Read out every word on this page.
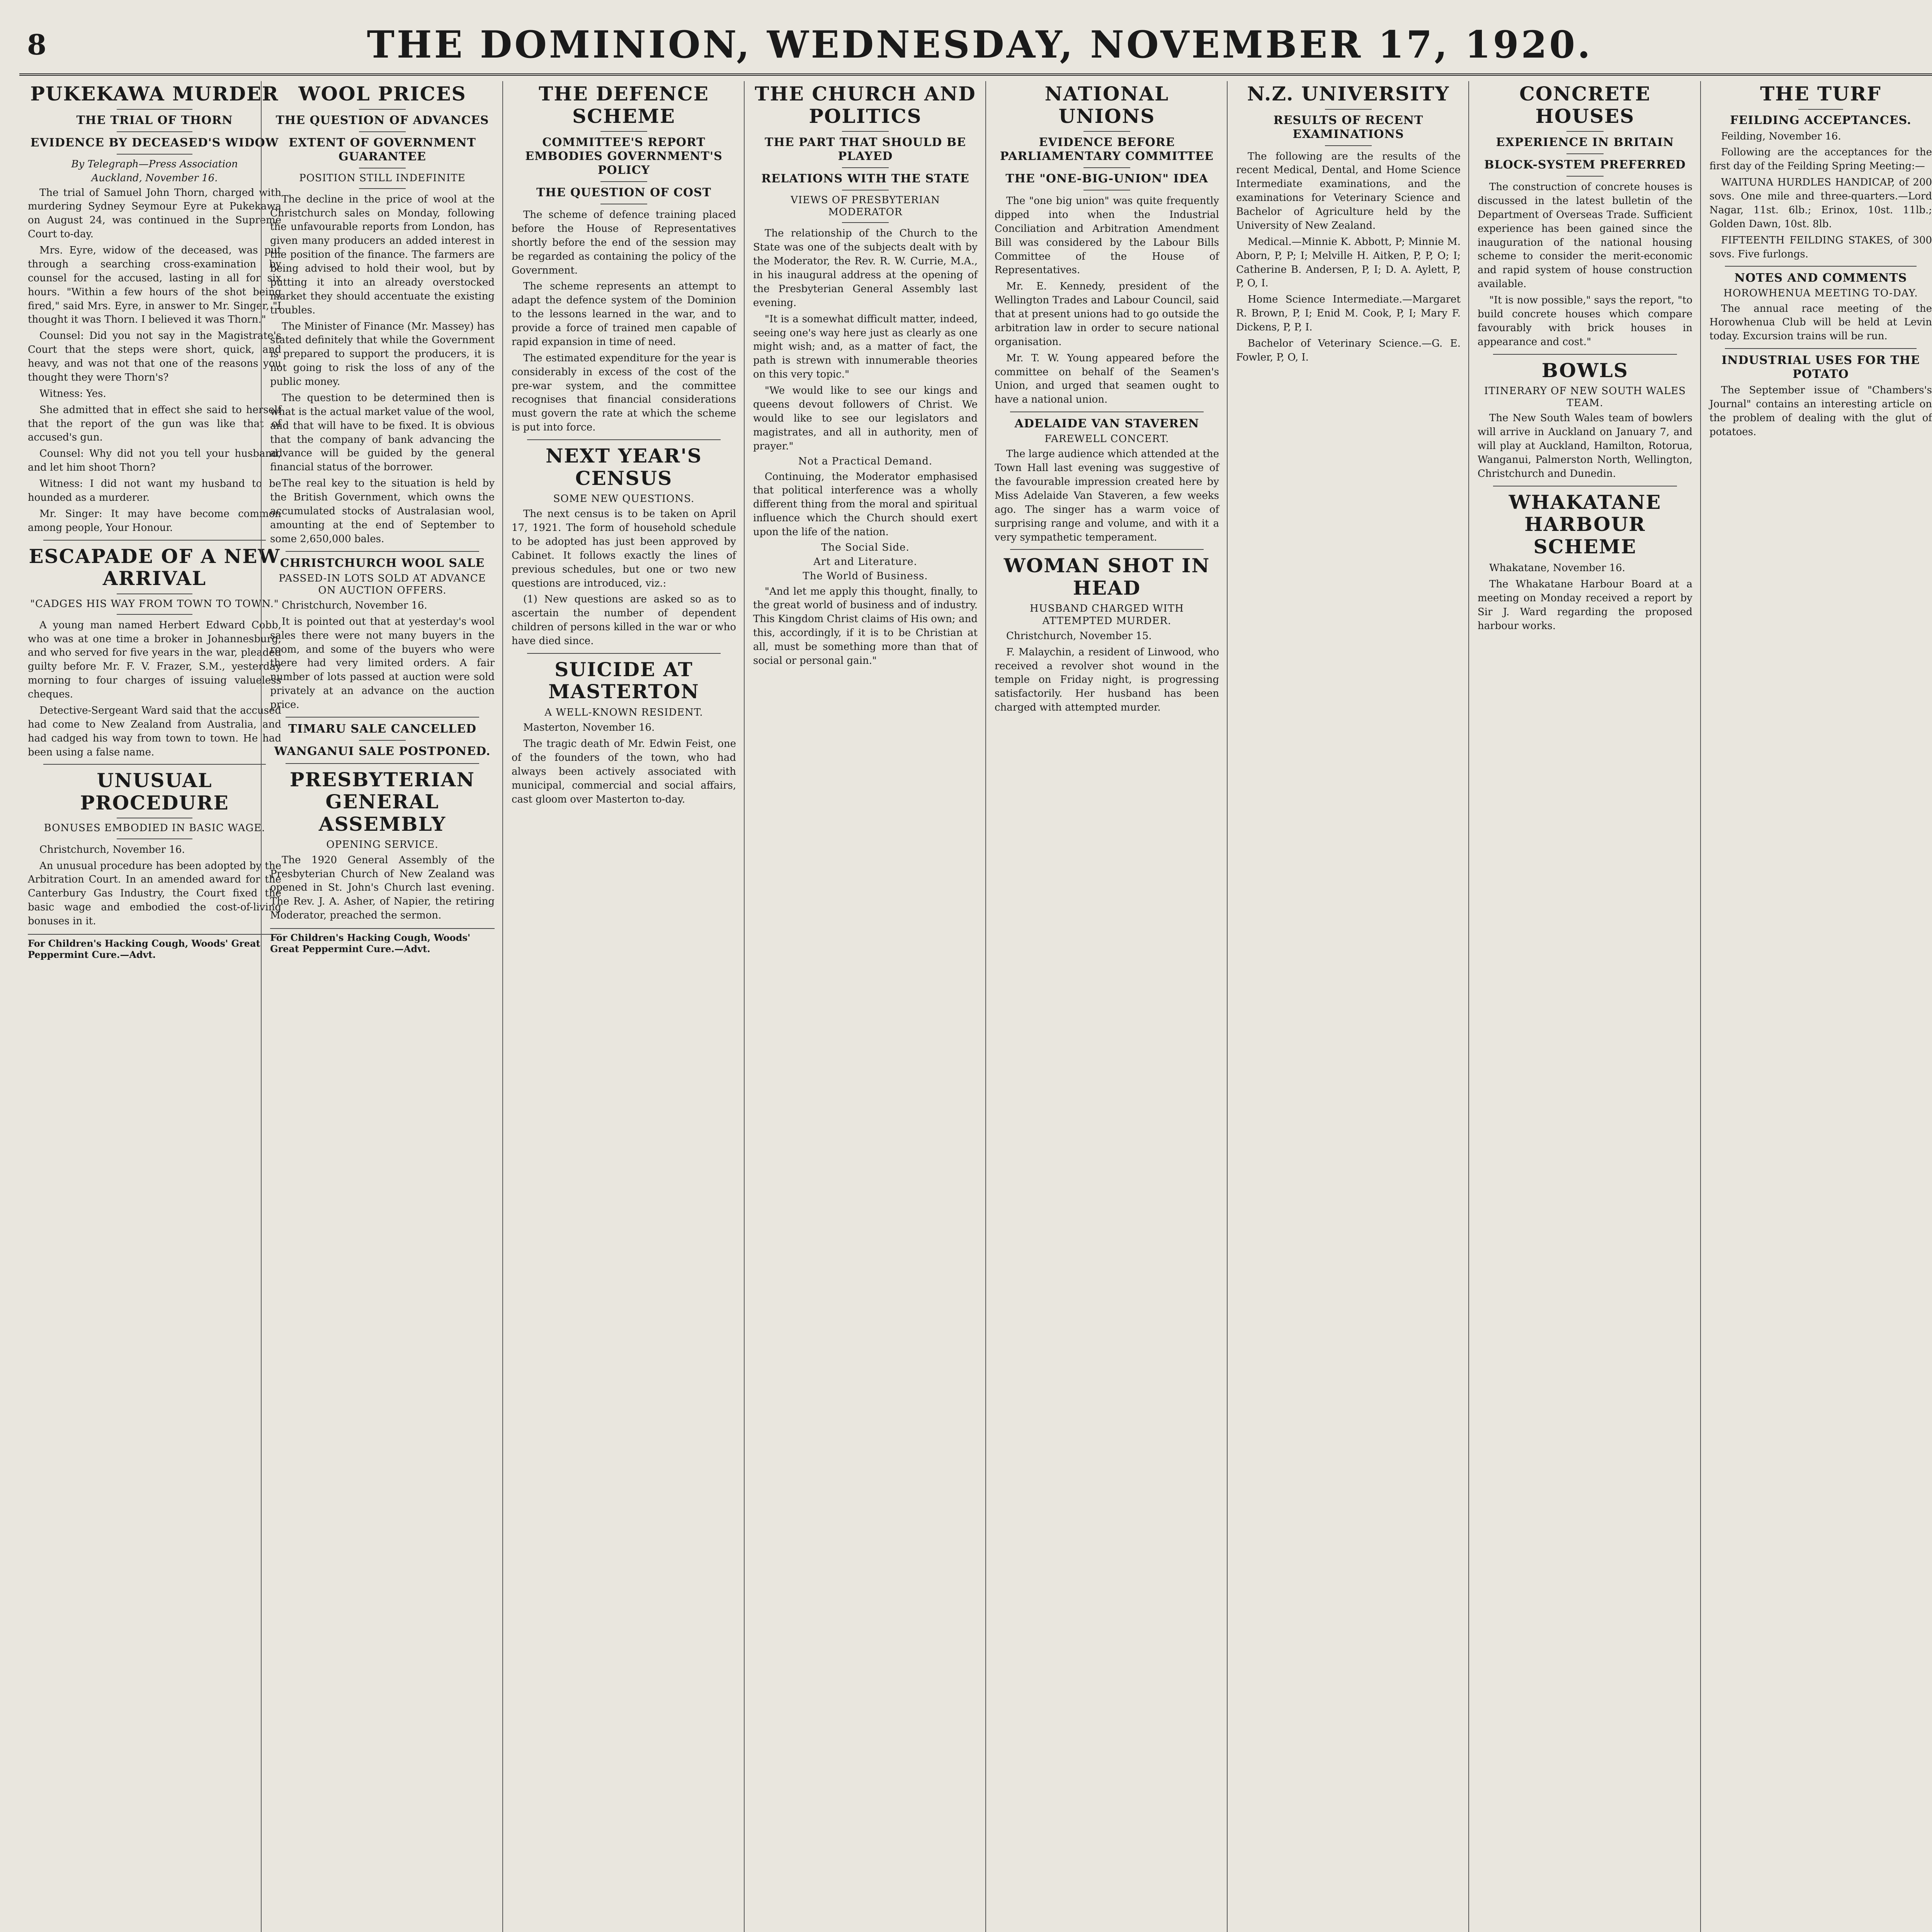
8	THE DOMINION, WEDNESDAY, NOVEMBER 17, 1920.
PUKEKAWA MURDER
THE TRIAL OF THORN
EVIDENCE BY DECEASED'S WIDOW
By Telegraph—Press Association
Auckland, November 16.

The trial of Samuel John Thorn, charged with murdering Sydney Seymour Eyre at Pukekawa on August 24, was continued in the Supreme Court to-day.

Mrs. Eyre, widow of the deceased, was put through a searching cross-examination by counsel for the accused, lasting in all for six hours. "Within a few hours of the shot being fired," said Mrs. Eyre, in answer to Mr. Singer, "I thought it was Thorn. I believed it was Thorn."

Counsel: Did you not say in the Magistrate's Court that the steps were short, quick, and heavy, and was not that one of the reasons you thought they were Thorn's?

Witness: Yes.

She admitted that in effect she said to herself that the report of the gun was like that of accused's gun.

Counsel: Why did not you tell your husband, and let him shoot Thorn?

Witness: I did not want my husband to be hounded as a murderer.

Mr. Singer: It may have become common among people, Your Honour.

ESCAPADE OF A NEW ARRIVAL
"CADGES HIS WAY FROM TOWN TO TOWN."

A young man named Herbert Edward Cobb, who was at one time a broker in Johannesburg, and who served for five years in the war, pleaded guilty before Mr. F. V. Frazer, S.M., yesterday morning to four charges of issuing valueless cheques.

Detective-Sergeant Ward said that the accused had come to New Zealand from Australia, and had cadged his way from town to town. He had been using a false name.

UNUSUAL PROCEDURE
BONUSES EMBODIED IN BASIC WAGE.

Christchurch, November 16.

An unusual procedure has been adopted by the Arbitration Court. In an amended award for the Canterbury Gas Industry, the Court fixed the basic wage and embodied the cost-of-living bonuses in it.

For Children's Hacking Cough, Woods' Great Peppermint Cure.—Advt.
WOOL PRICES
THE QUESTION OF ADVANCES
EXTENT OF GOVERNMENT GUARANTEE
POSITION STILL INDEFINITE

The decline in the price of wool at the Christchurch sales on Monday, following the unfavourable reports from London, has given many producers an added interest in the position of the finance. The farmers are being advised to hold their wool, but by putting it into an already overstocked market they should accentuate the existing troubles.

The Minister of Finance (Mr. Massey) has stated definitely that while the Government is prepared to support the producers, it is not going to risk the loss of any of the public money.

The question to be determined then is what is the actual market value of the wool, and that will have to be fixed. It is obvious that the company of bank advancing the advance will be guided by the general financial status of the borrower.

The real key to the situation is held by the British Government, which owns the accumulated stocks of Australasian wool, amounting at the end of September to some 2,650,000 bales.

CHRISTCHURCH WOOL SALE
PASSED-IN LOTS SOLD AT ADVANCE ON AUCTION OFFERS.

Christchurch, November 16.

It is pointed out that at yesterday's wool sales there were not many buyers in the room, and some of the buyers who were there had very limited orders. A fair number of lots passed at auction were sold privately at an advance on the auction price.

TIMARU SALE CANCELLED
WANGANUI SALE POSTPONED.
PRESBYTERIAN GENERAL ASSEMBLY
OPENING SERVICE.

The 1920 General Assembly of the Presbyterian Church of New Zealand was opened in St. John's Church last evening. The Rev. J. A. Asher, of Napier, the retiring Moderator, preached the sermon.

For Children's Hacking Cough, Woods' Great Peppermint Cure.—Advt.
THE DEFENCE SCHEME
COMMITTEE'S REPORT EMBODIES GOVERNMENT'S POLICY
THE QUESTION OF COST

The scheme of defence training placed before the House of Representatives shortly before the end of the session may be regarded as containing the policy of the Government.

The scheme represents an attempt to adapt the defence system of the Dominion to the lessons learned in the war, and to provide a force of trained men capable of rapid expansion in time of need.

The estimated expenditure for the year is considerably in excess of the cost of the pre-war system, and the committee recognises that financial considerations must govern the rate at which the scheme is put into force.

NEXT YEAR'S CENSUS
SOME NEW QUESTIONS.

The next census is to be taken on April 17, 1921. The form of household schedule to be adopted has just been approved by Cabinet. It follows exactly the lines of previous schedules, but one or two new questions are introduced, viz.:

(1) New questions are asked so as to ascertain the number of dependent children of persons killed in the war or who have died since.

SUICIDE AT MASTERTON
A WELL-KNOWN RESIDENT.

Masterton, November 16.

The tragic death of Mr. Edwin Feist, one of the founders of the town, who had always been actively associated with municipal, commercial and social affairs, cast gloom over Masterton to-day.

THE CHURCH AND POLITICS
THE PART THAT SHOULD BE PLAYED
RELATIONS WITH THE STATE
VIEWS OF PRESBYTERIAN MODERATOR

The relationship of the Church to the State was one of the subjects dealt with by the Moderator, the Rev. R. W. Currie, M.A., in his inaugural address at the opening of the Presbyterian General Assembly last evening.

"It is a somewhat difficult matter, indeed, seeing one's way here just as clearly as one might wish; and, as a matter of fact, the path is strewn with innumerable theories on this very topic."

"We would like to see our kings and queens devout followers of Christ. We would like to see our legislators and magistrates, and all in authority, men of prayer."

Not a Practical Demand.

Continuing, the Moderator emphasised that political interference was a wholly different thing from the moral and spiritual influence which the Church should exert upon the life of the nation.

The Social Side.
Art and Literature.
The World of Business.

"And let me apply this thought, finally, to the great world of business and of industry. This Kingdom Christ claims of His own; and this, accordingly, if it is to be Christian at all, must be something more than that of social or personal gain."

NATIONAL UNIONS
EVIDENCE BEFORE PARLIAMENTARY COMMITTEE
THE "ONE-BIG-UNION" IDEA

The "one big union" was quite frequently dipped into when the Industrial Conciliation and Arbitration Amendment Bill was considered by the Labour Bills Committee of the House of Representatives.

Mr. E. Kennedy, president of the Wellington Trades and Labour Council, said that at present unions had to go outside the arbitration law in order to secure national organisation.

Mr. T. W. Young appeared before the committee on behalf of the Seamen's Union, and urged that seamen ought to have a national union.

ADELAIDE VAN STAVEREN
FAREWELL CONCERT.

The large audience which attended at the Town Hall last evening was suggestive of the favourable impression created here by Miss Adelaide Van Staveren, a few weeks ago. The singer has a warm voice of surprising range and volume, and with it a very sympathetic temperament.

WOMAN SHOT IN HEAD
HUSBAND CHARGED WITH ATTEMPTED MURDER.

Christchurch, November 15.

F. Malaychin, a resident of Linwood, who received a revolver shot wound in the temple on Friday night, is progressing satisfactorily. Her husband has been charged with attempted murder.

N.Z. UNIVERSITY
RESULTS OF RECENT EXAMINATIONS

The following are the results of the recent Medical, Dental, and Home Science Intermediate examinations, and the examinations for Veterinary Science and Bachelor of Agriculture held by the University of New Zealand.

Medical.—Minnie K. Abbott, P; Minnie M. Aborn, P, P; I; Melville H. Aitken, P, P, O; I; Catherine B. Andersen, P, I; D. A. Aylett, P, P, O, I.

Home Science Intermediate.—Margaret R. Brown, P, I; Enid M. Cook, P, I; Mary F. Dickens, P, P, I.

Bachelor of Veterinary Science.—G. E. Fowler, P, O, I.

CONCRETE HOUSES
EXPERIENCE IN BRITAIN
BLOCK-SYSTEM PREFERRED

The construction of concrete houses is discussed in the latest bulletin of the Department of Overseas Trade. Sufficient experience has been gained since the inauguration of the national housing scheme to consider the merit-economic and rapid system of house construction available.

"It is now possible," says the report, "to build concrete houses which compare favourably with brick houses in appearance and cost."

BOWLS
ITINERARY OF NEW SOUTH WALES TEAM.

The New South Wales team of bowlers will arrive in Auckland on January 7, and will play at Auckland, Hamilton, Rotorua, Wanganui, Palmerston North, Wellington, Christchurch and Dunedin.

WHAKATANE HARBOUR SCHEME

Whakatane, November 16.

The Whakatane Harbour Board at a meeting on Monday received a report by Sir J. Ward regarding the proposed harbour works.

THE TURF
FEILDING ACCEPTANCES.

Feilding, November 16.

Following are the acceptances for the first day of the Feilding Spring Meeting:—

WAITUNA HURDLES HANDICAP, of 200 sovs. One mile and three-quarters.—Lord Nagar, 11st. 6lb.; Erinox, 10st. 11lb.; Golden Dawn, 10st. 8lb.

FIFTEENTH FEILDING STAKES, of 300 sovs. Five furlongs.

NOTES AND COMMENTS
HOROWHENUA MEETING TO-DAY.

The annual race meeting of the Horowhenua Club will be held at Levin today. Excursion trains will be run.

INDUSTRIAL USES FOR THE POTATO

The September issue of "Chambers's Journal" contains an interesting article on the problem of dealing with the glut of potatoes.
